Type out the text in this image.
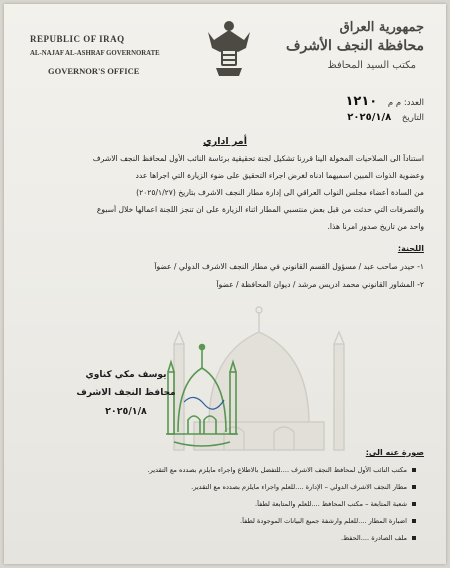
REPUBLIC OF IRAQ
AL-NAJAF AL-ASHRAF GOVERNORATE
GOVERNOR'S OFFICE
جمهورية العراق
محافظة النجف الأشرف
مكتب السيد المحافظ
العدد: م م ١٢١٠
التاريخ ٢٠٢٥/١/٨
أمر اداري
استناداً الى الصلاحيات المخولة الينا قررنا تشكيل لجنة تحقيقية برئاسة النائب الأول لمحافظ النجف الاشرف
وعضوية الذوات المبين اسميهما ادناه لغرض اجراء التحقيق على ضوء الزيارة التي اجراها عدد
من السادة أعضاء مجلس النواب العراقي الى إدارة مطار النجف الاشرف بتاريخ (٢٠٢٥/١/٢٧)
والتصرفات التي حدثت من قبل بعض منتسبي المطار اثناء الزيارة على ان تنجز اللجنة اعمالها خلال أسبوع
واحد من تاريخ صدور امرنا هذا.
اللجنة:
١- حيدر صاحب عبد / مسؤول القسم القانوني في مطار النجف الاشرف الدولي / عضواً
٢- المشاور القانوني محمد ادريس مرشد / ديوان المحافظة / عضواً
يوسف مكي كناوي
محافظ النجف الاشرف
٢٠٢٥/١/٨
صورة عنه الى:
مكتب النائب الأول لمحافظ النجف الاشرف ....للتفضل بالاطلاع واجراء مايلزم بصدده مع التقدير.
مطار النجف الاشرف الدولي – الإدارة ....للعلم واجراء مايلزم بصدده مع التقدير.
شعبة المتابعة – مكتب المحافظ ....للعلم والمتابعة لطفاً.
اضبارة المطار ....للعلم وارشفة جميع البيانات الموجودة لطفاً.
ملف الصادرة ....الحفظ.
